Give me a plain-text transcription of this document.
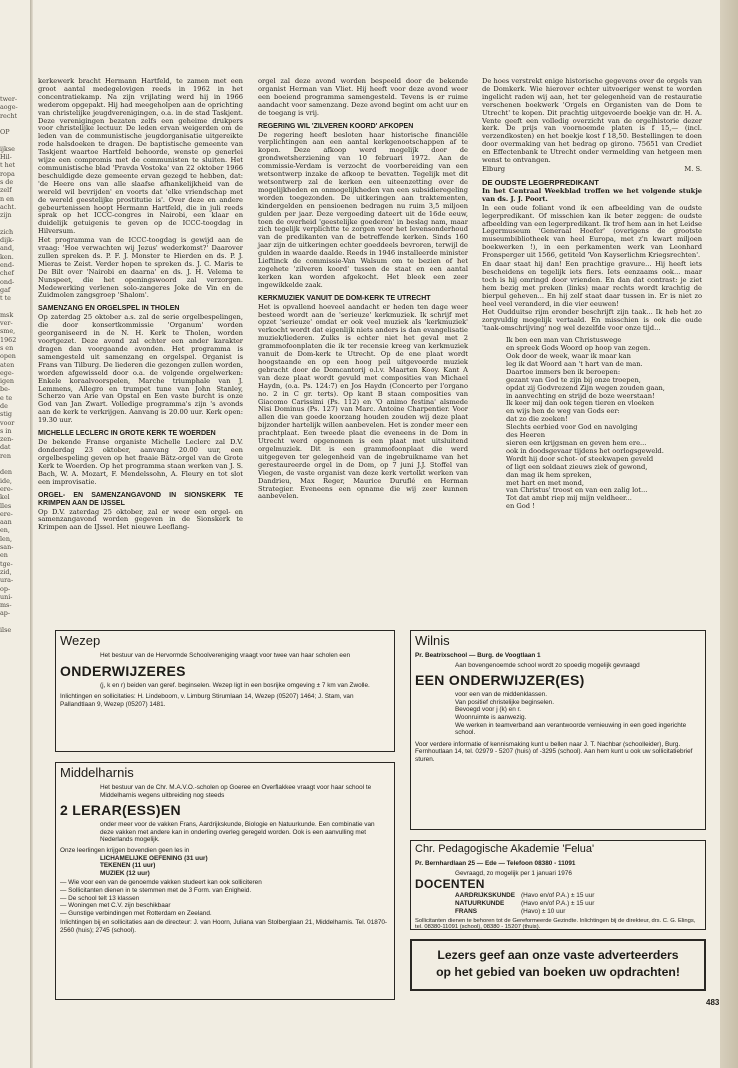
twer-
aoge-
recht

OP

ijkse
Hil-
t het
ropa
s de
zelf
n en
acht.
zijn

zich
dijk-
and,
ken.
end-
chef
ond-
gaf
t te

msk
ver-
sme,
1962
s en
open
aten
ege-
igen
be-
e te
de
stig
voor
s in
zen-
dat
ren

den
ide,
ere-
kel
lles
ere-
aan
en,
len,
san-
en
tge-
zid,
ura-
op-
uni-
ms-
ap-

ilse

kerkewerk bracht Hermann Hartfeld, te zamen met een groot aantal medegelovigen reeds in 1962 in het concentratiekamp. Na zijn vrijlating werd hij in 1966 wederom opgepakt. Hij had meegeholpen aan de oprichting van christelijke jeugdverenigingen, o.a. in de stad Taskjent. Deze verenigingen bezaten zelfs een geheime drukpers voor christelijke lectuur. De leden ervan weigerden om de leden van de communistische jeugdorganisatie uitgereikte rode halsdoeken te dragen. De baptistische gemeente van Taskjent waartoe Hartfeld behoorde, wenste op generlei wijze een compromis met de communisten te sluiten. Het communistische blad 'Pravda Vostoka' van 22 oktober 1966 beschuldigde deze gemeente ervan gezegd te hebben, dat: 'de Heere ons van alle slaafse afhankelijkheid van de wereld wil bevrijden' en voorts dat 'elke vriendschap met de wereld geestelijke prostitutie is'. Over deze en andere gebeurtenissen hoopt Hermann Hartfeld, die in juli reeds sprak op het ICCC-congres in Nairobi, een klaar en duidelijk getuigenis te geven op de ICCC-toogdag in Hilversum.

Het programma van de ICCC-toogdag is gewijd aan de vraag: 'Hoe verwachten wij Jezus' wederkomst?' Daarover zullen spreken ds. P. F. J. Monster te Hierden en ds. P. J. Mieras te Zeist. Verder hopen te spreken ds. J. C. Maris te De Bilt over 'Nairobi en daarna' en ds. J. H. Velema te Nunspeet, die het openingswoord zal verzorgen. Medewerking verlenen solo-zangeres Joke de Vin en de Zuidmolen zangsgroep 'Shalom'.

SAMENZANG EN ORGELSPEL IN THOLEN

Op zaterdag 25 oktober a.s. zal de serie orgelbespelingen, die door konsertkommissie 'Organum' worden georganiseerd in de N. H. Kerk te Tholen, worden voortgezet. Deze avond zal echter een ander karakter dragen dan voorgaande avonden. Het programma is samengesteld uit samenzang en orgelspel. Organist is Frans van Tilburg. De liederen die gezongen zullen worden, worden afgewisseld door o.a. de volgende orgelwerken: Enkele koraalvoorspelen, Marche triumphale van J. Lemmens, Allegro en trumpet tune van John Stanley, Scherzo van Arie van Opstal en Een vaste burcht is onze God van Jan Zwart. Volledige programma's zijn 's avonds aan de kerk te verkrijgen. Aanvang is 20.00 uur. Kerk open: 19.30 uur.

MICHELLE LECLERC IN GROTE KERK TE WOERDEN

De bekende Franse organiste Michelle Leclerc zal D.V. donderdag 23 oktober, aanvang 20.00 uur, een orgelbespeling geven op het fraaie Bätz-orgel van de Grote Kerk te Woerden. Op het programma staan werken van J. S. Bach, W. A. Mozart, F. Mendelssohn, A. Fleury en tot slot een improvisatie.

ORGEL- EN SAMENZANGAVOND IN SIONSKERK TE KRIMPEN AAN DE IJSSEL

Op D.V. zaterdag 25 oktober, zal er weer een orgel- en samenzangavond worden gegeven in de Sionskerk te Krimpen aan de IJssel. Het nieuwe Leeflang-

orgel zal deze avond worden bespeeld door de bekende organist Herman van Vliet. Hij heeft voor deze avond weer een boeiend programma samengesteld. Tevens is er ruime aandacht voor samenzang. Deze avond begint om acht uur en de toegang is vrij.

REGERING WIL 'ZILVEREN KOORD' AFKOPEN

De regering heeft besloten haar historische financiële verplichtingen aan een aantal kerkgenootschappen af te kopen. Deze afkoop werd mogelijk door de grondwetsherziening van 10 februari 1972. Aan de commissie-Verdam is verzocht de voorbereiding van een wetsontwerp inzake de afkoop te bevatten. Tegelijk met dit wetsontwerp zal de kerken een uiteenzetting over de mogelijkheden en onmogelijkheden van een subsidieregeling worden toegezonden. De uitkeringen aan traktementen, kindergelden en pensioenen bedragen nu ruim 3,5 miljoen gulden per jaar. Deze vergoeding dateert uit de 16de eeuw, toen de overheid 'geestelijke goederen' in beslag nam, maar zich tegelijk verplichtte te zorgen voor het levensonderhoud van de predikanten van de betreffende kerken. Sinds 160 jaar zijn de uitkeringen echter goeddeels bevroren, terwijl de gulden in waarde daalde. Reeds in 1946 installeerde minister Lieftinck de commissie-Van Walsum om te bezien of het zogehete 'zilveren koord' tussen de staat en een aantal kerken kan worden afgekocht. Het bleek een zeer ingewikkelde zaak.

KERKMUZIEK VANUIT DE DOM-KERK TE UTRECHT

Het is opvallend hoeveel aandacht er heden ten dage weer besteed wordt aan de 'serieuze' kerkmuziek. Ik schrijf met opzet 'serieuze' omdat er ook veel muziek als 'kerkmuziek' verkocht wordt dat eigenlijk niets anders is dan evangelisatie muziek/liederen. Zulks is echter niet het geval met 2 grammofoonplaten die ik ter recensie kreeg van kerkmuziek vanuit de Dom-kerk te Utrecht. Op de ene plaat wordt hoogstaande en op een hoog peil uitgevoerde muziek gebracht door de Domcantorij o.l.v. Maarten Kooy. Kant A van deze plaat wordt gevuld met composities van Michael Haydn, (o.a. Ps. 124:7) en Jos Haydn (Concerto per l'organo no. 2 in C gr. terts). Op kant B staan composities van Giacomo Carissimi (Ps. 112) en 'O animo festina' alsmede Nisi Dominus (Ps. 127) van Marc. Antoine Charpentier. Voor allen die van goede koorzang houden zouden wij deze plaat bijzonder hartelijk willen aanbevelen. Het is zonder meer een prachtplaat. Een tweede plaat die eveneens in de Dom in Utrecht werd opgenomen is een plaat met uitsluitend orgelmuziek. Dit is een grammofoonplaat die werd uitgegeven ter gelegenheid van de ingebruikname van het gerestaureerde orgel in de Dom, op 7 juni J.J. Stoffel van Viegen, de vaste organist van deze kerk vertolkt werken van Dandrieu, Max Reger, Maurice Duruflé en Herman Strategier. Eveneens een opname die wij zeer kunnen aanbevelen.

De hoes verstrekt enige historische gegevens over de orgels van de Domkerk. Wie hierover echter uitvoeriger wenst te worden ingelicht raden wij aan, het ter gelegenheid van de restauratie verschenen boekwerk 'Orgels en Organisten van de Dom te Utrecht' te kopen. Dit prachtig uitgevoerde boekje van dr. H. A. Vente geeft een volledig overzicht van de orgelhistorie dezer kerk. De prijs van voornoemde platen is f 15,— (incl. verzendkosten) en het boekje kost f 18,50. Bestellingen te doen door overmaking van het bedrag op girono. 75651 van Crediet en Effectenbank te Utrecht onder vermelding van hetgeen men wenst te ontvangen.

Elburg	M. S.
DE OUDSTE LEGERPREDIKANT

In het Centraal Weekblad troffen we het volgende stukje van ds. J. J. Poort.

In een oude foliant vond ik een afbeelding van de oudste legerpredikant. Of misschien kan ik beter zeggen: de oudste afbeelding van een legerpredikant. Ik trof hem aan in het Leidse Legermuseum 'Generaal Hoefer' (overigens de grootste museumbibliotheek van heel Europa, met z'n kwart miljoen boekwerken !), in een perkamenten werk van Leonhard Fronsperger uit 1566, getiteld 'Von Kayserlichm Kriegsrechten'.

En daar staat hij dan! Een prachtige gravure... Hij heeft iets bescheidens en tegelijk iets fiers. Iets eenzaams ook... maar toch is hij omringd door vrienden. En dan dat contrast: je ziet hem bezig met preken (links) maar rechts wordt krachtig de bierpul geheven... En hij zelf staat daar tussen in. Er is niet zo heel veel veranderd, in die vier eeuwen!

Het Oudduitse rijm eronder beschrijft zijn taak... Ik heb het zo zorgvuldig mogelijk vertaald. En misschien is ook die oude 'taak-omschrijving' nog wel dezelfde voor onze tijd...

Ik ben een man van Christuswege
en spreek Gods Woord op hoop van zegen.
Ook door de week, waar ik maar kan
leg ik dat Woord aan 't hart van de man.
Daartoe immers ben ik beroepen:
gezant van God te zijn bij onze troepen,
opdat zij Godvrezend Zijn wegen zouden gaan,
in aanvechting en strijd de boze weerstaan!
Ik keer mij dan ook tegen tieren en vloeken
en wijs hen de weg van Gods eer:
dat zo die zoeken!
Slechts eerbied voor God en navolging
des Heeren
sieren een krijgsman en geven hem ere...
ook in doodsgevaar tijdens het oorlogsgeweld.
Wordt hij door schot- of steekwapen geveld
of ligt een soldaat zieuws ziek of gewond,
dan mag ik hem spreken,
met hart en met mond,
van Christus' troost en van een zalig lot...
Tot dat ambt riep mij mijn veldheer...
en God !
Wezep
Het bestuur van de Hervormde Schoolvereniging vraagt voor twee van haar scholen een
ONDERWIJZERES
(j, k en r) beiden van geref. beginselen. Wezep ligt in een bosrijke omgeving ± 7 km van Zwolle.
Inlichtingen en sollicitaties: H. Lindeboom, v. Limburg Stirumlaan 14, Wezep (05207) 1464; J. Stam, van Pallandtlaan 9, Wezep (05207) 1481.
Middelharnis
Het bestuur van de Chr. M.A.V.O.-scholen op Goeree en Overflakkee vraagt voor haar school te Middelharnis wegens uitbreiding nog steeds
2 LERAR(ESS)EN
onder meer voor de vakken Frans, Aardrijkskunde, Biologie en Natuurkunde. Een combinatie van deze vakken met andere kan in onderling overleg geregeld worden. Ook is een aanvulling met Nederlands mogelijk.
Onze leerlingen krijgen bovendien geen les in
LICHAMELIJKE OEFENING (31 uur)
TEKENEN (11 uur)
MUZIEK (12 uur)
— Wie voor een van de genoemde vakken studeert kan ook solliciteren
— Sollicitanten dienen in te stemmen met de 3 Form. van Enigheid.
— De school telt 13 klassen
— Woningen met C.V. zijn beschikbaar
— Gunstige verbindingen met Rotterdam en Zeeland.
Inlichtingen bij en sollicitaties aan de directeur: J. van Hoorn, Juliana van Stolberglaan 21, Middelharnis. Tel. 01870-2560 (huis); 2745 (school).
Wilnis
Pr. Beatrixschool — Burg. de Voogtlaan 1
Aan bovengenoemde school wordt zo spoedig mogelijk gevraagd
EEN ONDERWIJZER(ES)
voor een van de middenklassen.
Van positief christelijke beginselen.
Bevoegd voor j (k) en r.
Woonruimte is aanwezig.
We werken in teamverband aan verantwoorde vernieuwing in een goed ingerichte school.
Voor verdere informatie of kennismaking kunt u bellen naar J. T. Nachbar (schoolleider), Burg. Fernhoutlaan 14, tel. 02979 - 5207 (huis) of -3295 (school). Aan hem kunt u ook uw sollicitatiebrief sturen.
Chr. Pedagogische Akademie 'Felua'
Pr. Bernhardlaan 25 — Ede — Telefoon 08380 - 11091
Gevraagd, zo mogelijk per 1 januari 1976
DOCENTEN
AARDRIJKSKUNDE	(Havo en/of P.A.) ± 15 uur
NATUURKUNDE	(Havo en/of P.A.) ± 15 uur
FRANS	(Havo) ± 10 uur
Sollicitanten dienen te behoren tot de Gereformeerde Gezindte. Inlichtingen bij de direkteur, drs. C. G. Elings, tel. 08380-11091 (school), 08380 - 15207 (thuis).
Lezers geef aan onze vaste adverteerders
op het gebied van boeken uw opdrachten!
483
